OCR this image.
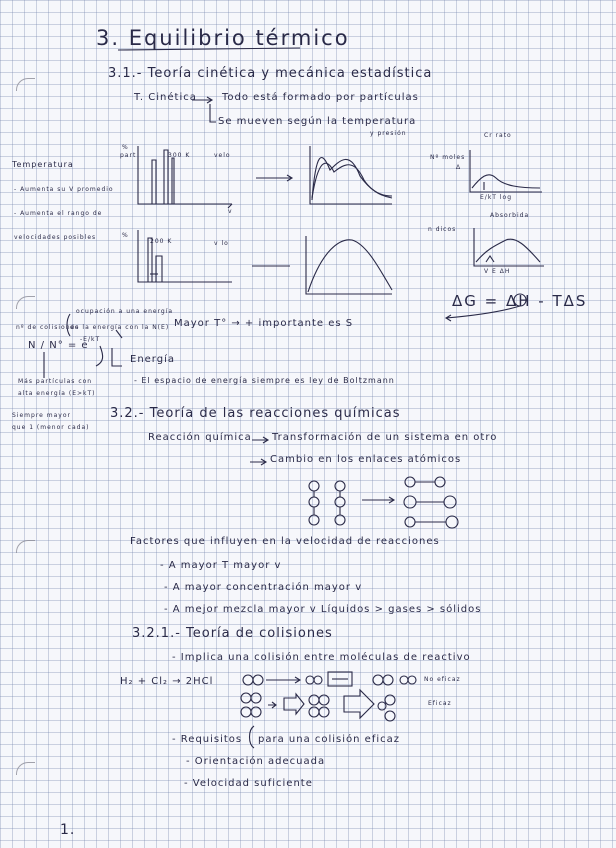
3. Equilibrio térmico
3.1.- Teoría cinética y mecánica estadística
T. Cinética	Todo está formado por partículas
Se mueven según la temperatura
y presión
Temperatura
- Aumenta su V promedio
- Aumenta el rango de
velocidades posibles
%
part	300 K	velo
v
%
200 K	v lo
Cr rato
Nº moles
Δ
E/kT log
n dicos
Absorbida
V E ΔH
ΔG = ΔH - TΔS
ocupación a una energía
de la energía con la N(E)
nº de colisiones
N / N° = e
-E/kT
Más partículas con
alta energía (E>kT)
Siempre mayor
que 1 (menor cada)
Mayor T° → + importante es S
Energía
- El espacio de energía siempre es ley de Boltzmann
3.2.- Teoría de las reacciones químicas
Reacción química Transformación de un sistema en otro
Cambio en los enlaces atómicos
Factores que influyen en la velocidad de reacciones
- A mayor T mayor v
- A mayor concentración mayor v
- A mejor mezcla mayor v Líquidos > gases > sólidos
3.2.1.- Teoría de colisiones
- Implica una colisión entre moléculas de reactivo
H₂ + Cl₂ → 2HCl	No eficaz
Eficaz
- Requisitos para una colisión eficaz
- Orientación adecuada
- Velocidad suficiente
1.
